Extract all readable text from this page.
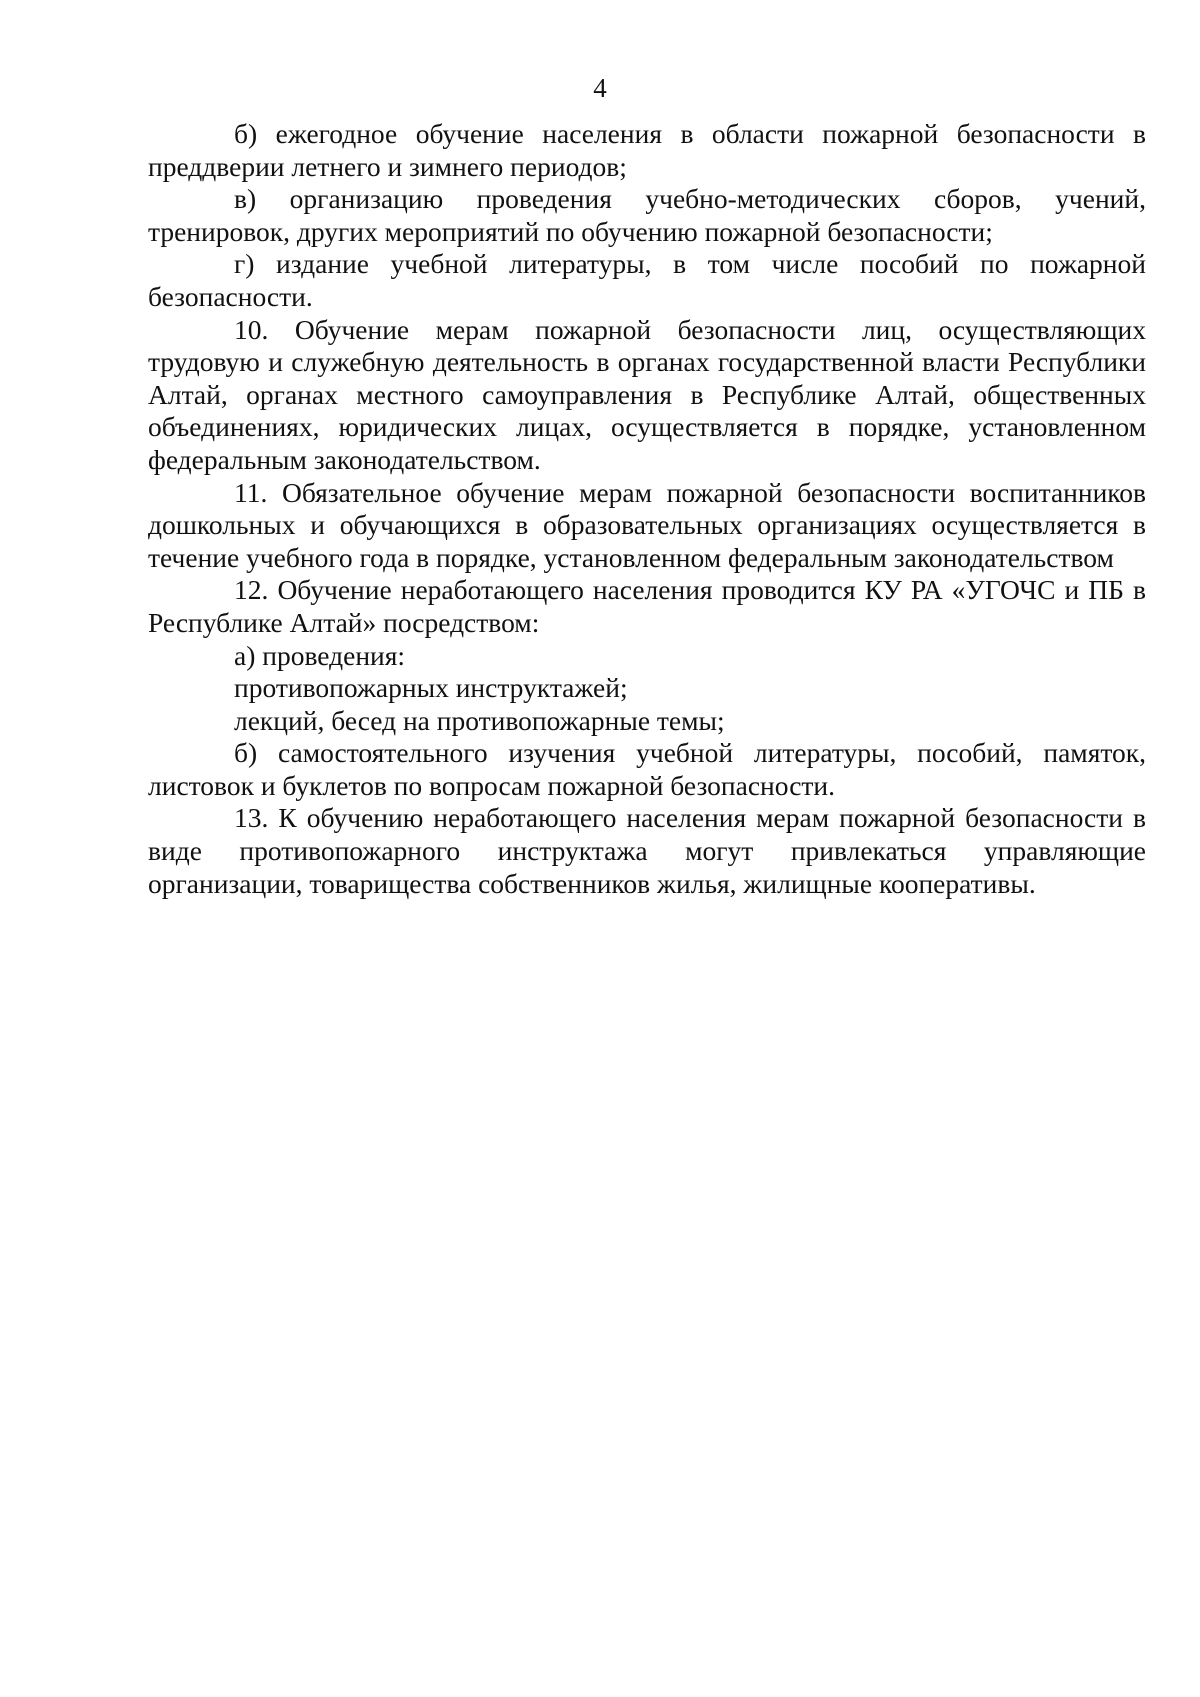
4

б) ежегодное обучение населения в области пожарной безопасности в преддверии летнего и зимнего периодов;

в) организацию проведения учебно-методических сборов, учений, тренировок, других мероприятий по обучению пожарной безопасности;

г) издание учебной литературы, в том числе пособий по пожарной безопасности.

10. Обучение мерам пожарной безопасности лиц, осуществляющих трудовую и служебную деятельность в органах государственной власти Республики Алтай, органах местного самоуправления в Республике Алтай, общественных объединениях, юридических лицах, осуществляется в порядке, установленном федеральным законодательством.

11. Обязательное обучение мерам пожарной безопасности воспитанников дошкольных и обучающихся в образовательных организациях осуществляется в течение учебного года в порядке, установленном федеральным законодательством

12. Обучение неработающего населения проводится КУ РА «УГОЧС и ПБ в Республике Алтай» посредством:

а) проведения:

противопожарных инструктажей;

лекций, бесед на противопожарные темы;

б) самостоятельного изучения учебной литературы, пособий, памяток, листовок и буклетов по вопросам пожарной безопасности.

13. К обучению неработающего населения мерам пожарной безопасности в виде противопожарного инструктажа могут привлекаться управляющие организации, товарищества собственников жилья, жилищные кооперативы.
